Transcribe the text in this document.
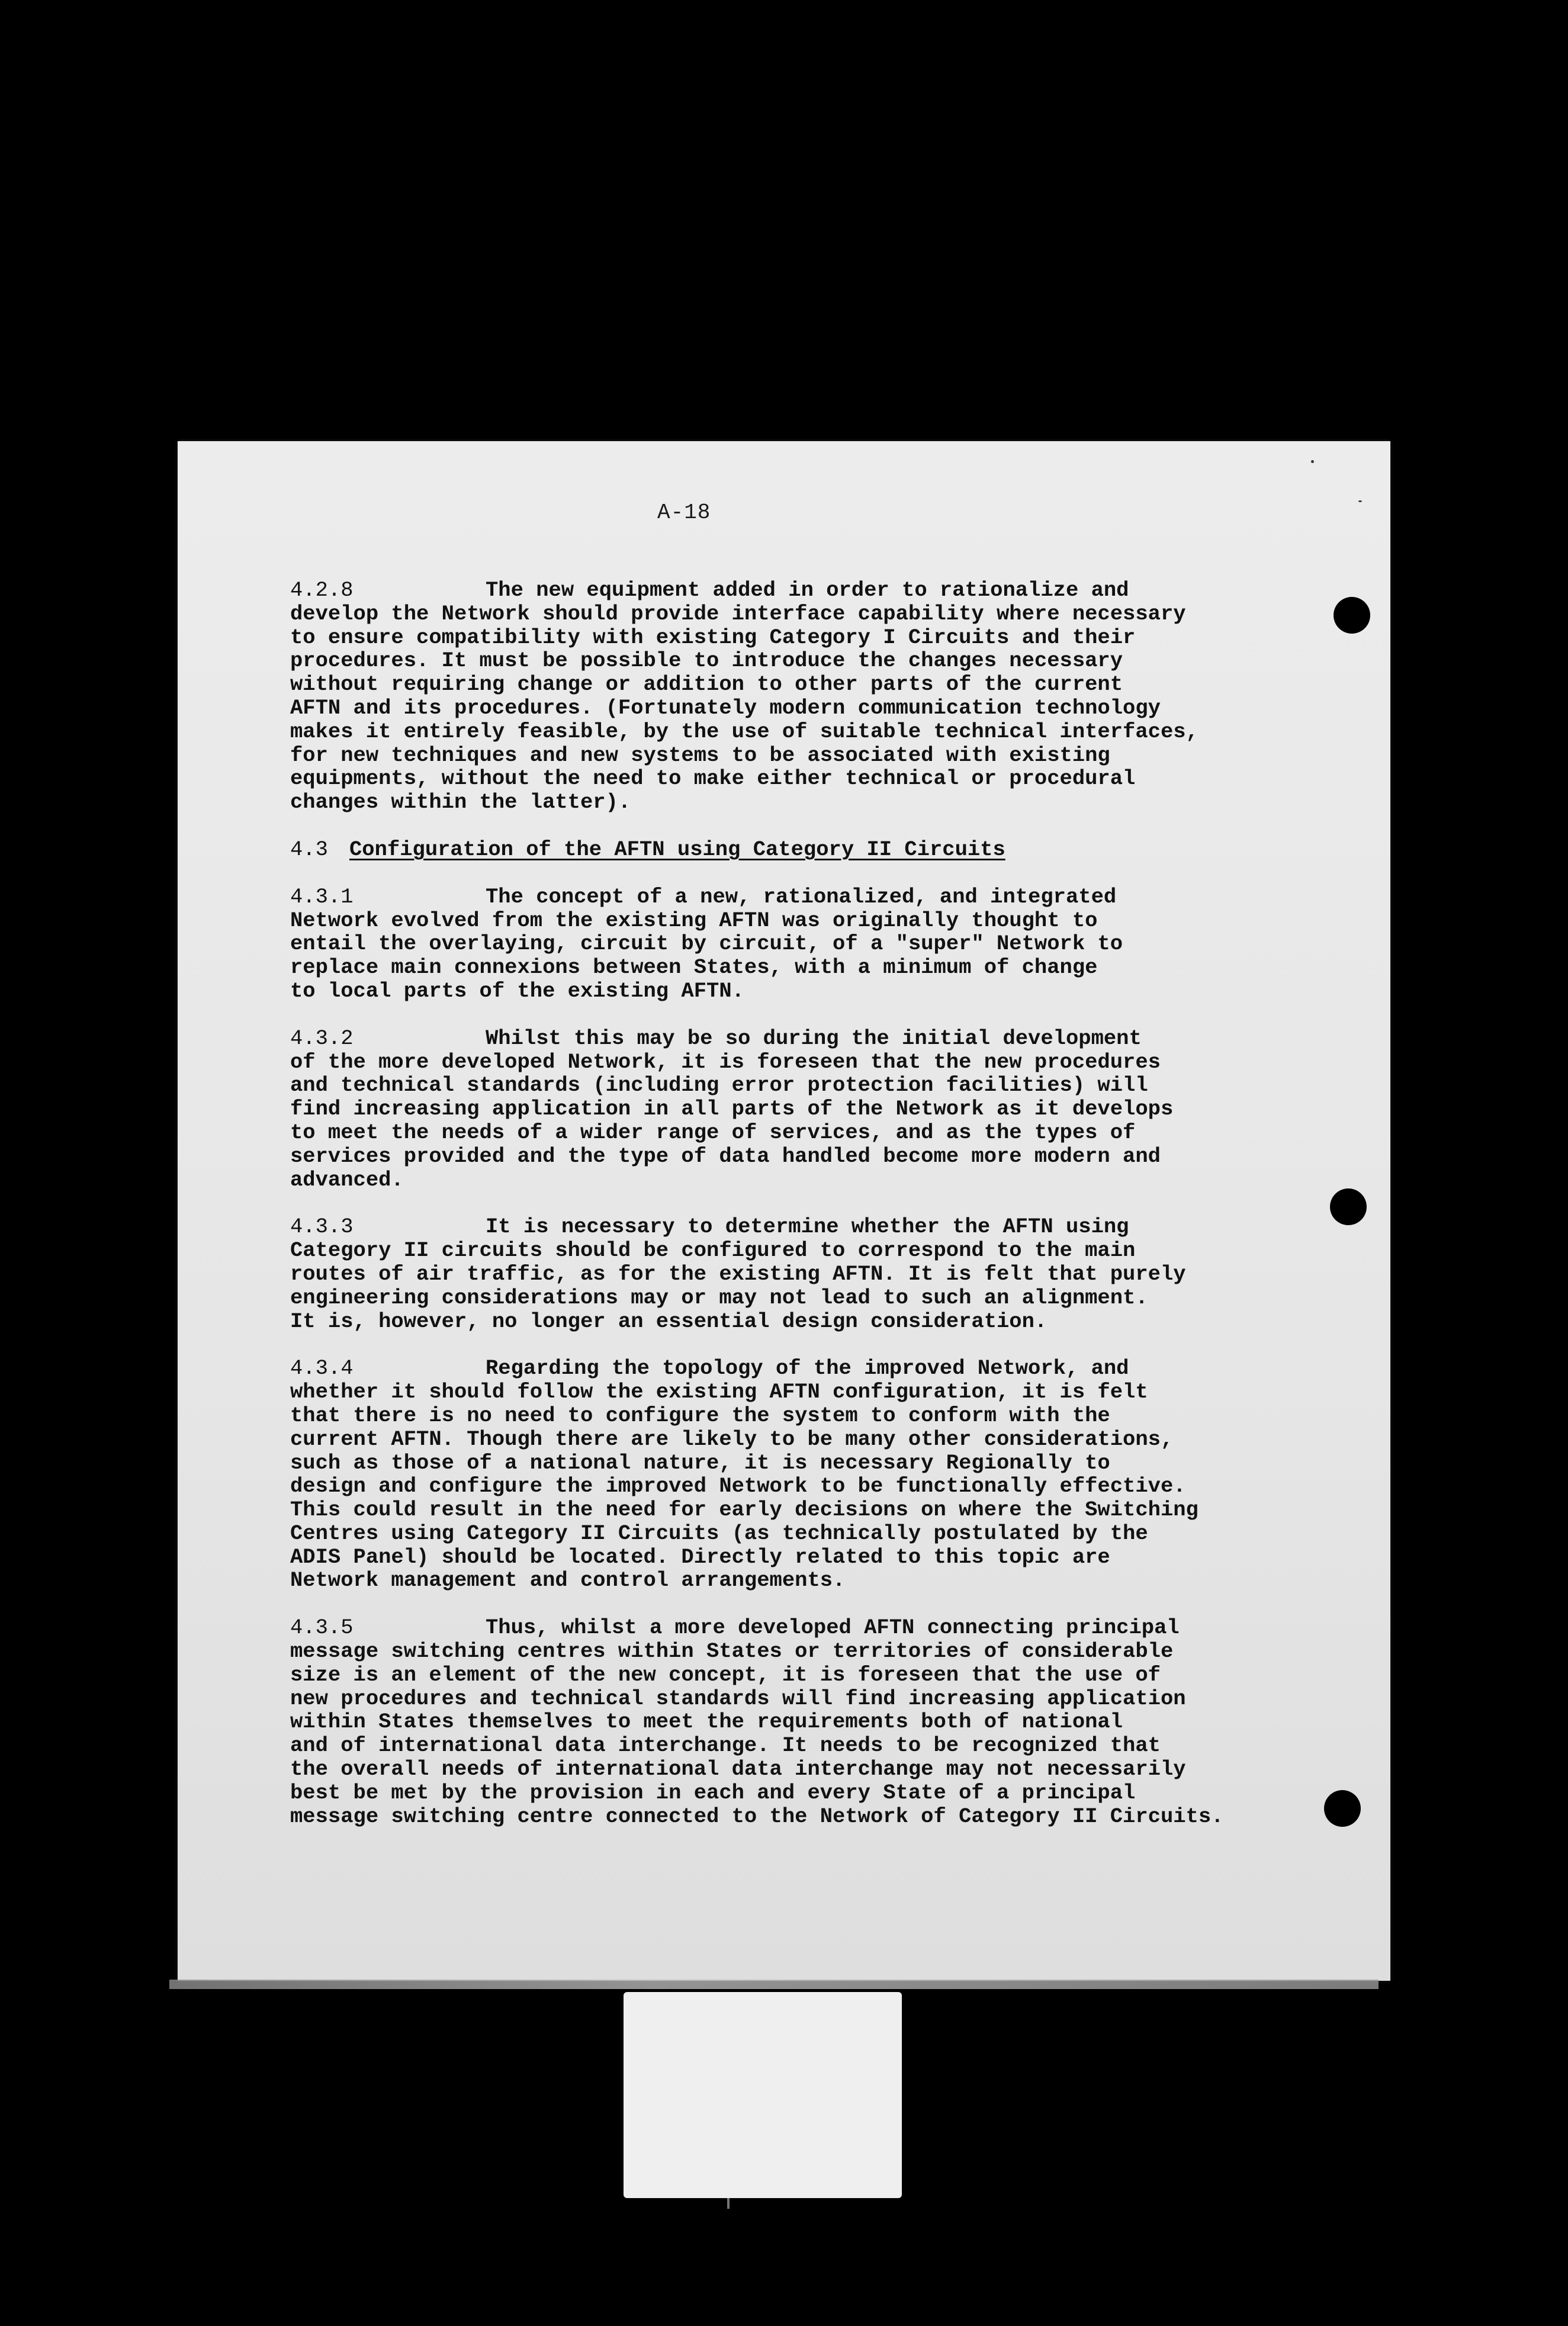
A-18
4.2.8	The new equipment added in order to rationalize and
develop the Network should provide interface capability where necessary
to ensure compatibility with existing Category I Circuits and their
procedures. It must be possible to introduce the changes necessary
without requiring change or addition to other parts of the current
AFTN and its procedures. (Fortunately modern communication technology
makes it entirely feasible, by the use of suitable technical interfaces,
for new techniques and new systems to be associated with existing
equipments, without the need to make either technical or procedural
changes within the latter).
4.3 Configuration of the AFTN using Category II Circuits
4.3.1	The concept of a new, rationalized, and integrated
Network evolved from the existing AFTN was originally thought to
entail the overlaying, circuit by circuit, of a "super" Network to
replace main connexions between States, with a minimum of change
to local parts of the existing AFTN.
4.3.2	Whilst this may be so during the initial development
of the more developed Network, it is foreseen that the new procedures
and technical standards (including error protection facilities) will
find increasing application in all parts of the Network as it develops
to meet the needs of a wider range of services, and as the types of
services provided and the type of data handled become more modern and
advanced.
4.3.3	It is necessary to determine whether the AFTN using
Category II circuits should be configured to correspond to the main
routes of air traffic, as for the existing AFTN. It is felt that purely
engineering considerations may or may not lead to such an alignment.
It is, however, no longer an essential design consideration.
4.3.4	Regarding the topology of the improved Network, and
whether it should follow the existing AFTN configuration, it is felt
that there is no need to configure the system to conform with the
current AFTN. Though there are likely to be many other considerations,
such as those of a national nature, it is necessary Regionally to
design and configure the improved Network to be functionally effective.
This could result in the need for early decisions on where the Switching
Centres using Category II Circuits (as technically postulated by the
ADIS Panel) should be located. Directly related to this topic are
Network management and control arrangements.
4.3.5	Thus, whilst a more developed AFTN connecting principal
message switching centres within States or territories of considerable
size is an element of the new concept, it is foreseen that the use of
new procedures and technical standards will find increasing application
within States themselves to meet the requirements both of national
and of international data interchange. It needs to be recognized that
the overall needs of international data interchange may not necessarily
best be met by the provision in each and every State of a principal
message switching centre connected to the Network of Category II Circuits.
